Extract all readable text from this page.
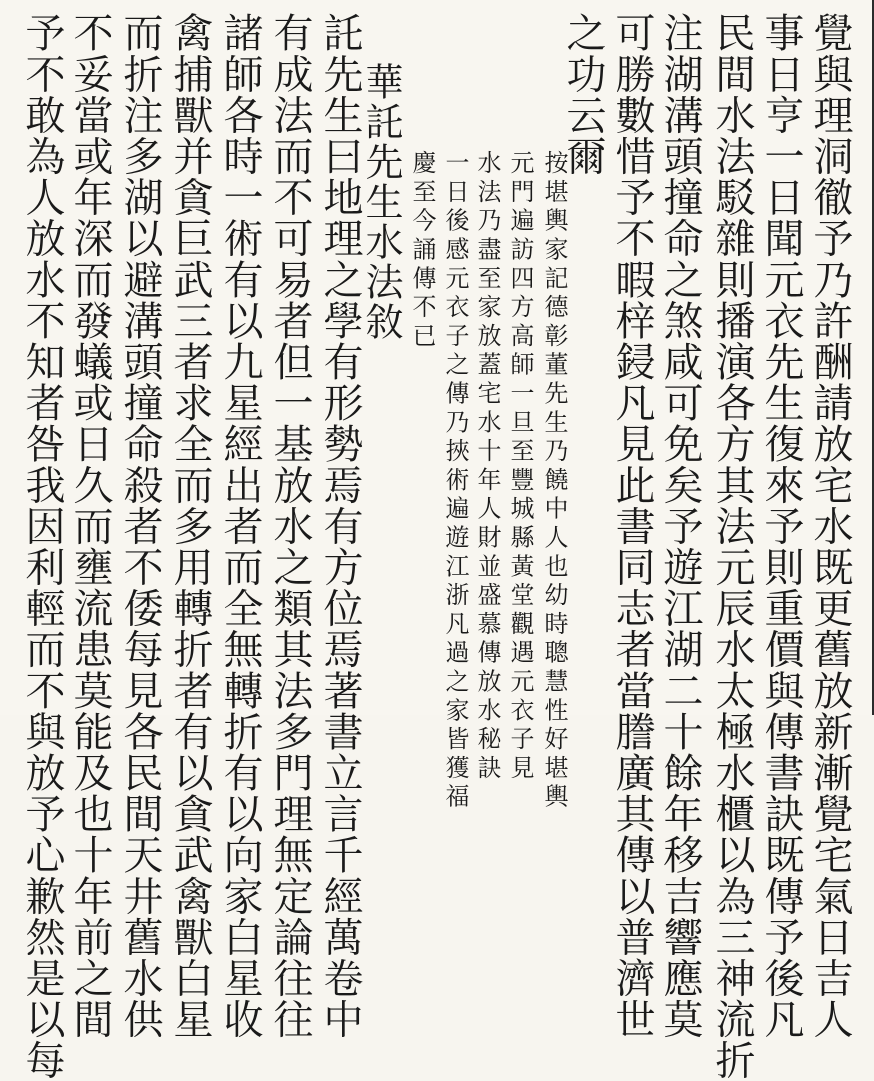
覺與理洞徹予乃許酬請放宅水既更舊放新漸覺宅氣日吉人
事日亨一日聞元衣先生復來予則重價與傳書訣既傳予後凡
民間水法駁雜則播演各方其法元辰水太極水櫃以為三神流折
注湖溝頭撞命之煞咸可免矣予遊江湖二十餘年移吉響應莫
可勝數惜予不暇梓鋟凡見此書同志者當謄廣其傳以普濟世
之功云爾
按堪輿家記德彰董先生乃饒中人也幼時聰慧性好堪輿
元門遍訪四方高師一旦至豐城縣黃堂觀遇元衣子見
水法乃盡至家放蓋宅水十年人財並盛慕傳放水秘訣
一日後感元衣子之傳乃挾術遍遊江浙凡過之家皆獲福
慶至今誦傳不已
華託先生水法敘
託先生曰地理之學有形勢焉有方位焉著書立言千經萬卷中
有成法而不可易者但一基放水之類其法多門理無定論往往
諸師各時一術有以九星經出者而全無轉折有以向家白星收
禽捕獸并貪巨武三者求全而多用轉折者有以貪武禽獸白星
而折注多湖以避溝頭撞命殺者不倭每見各民間天井舊水供
不妥當或年深而發蟻或日久而壅流患莫能及也十年前之間
予不敢為人放水不知者咎我因利輕而不與放予心歉然是以每
